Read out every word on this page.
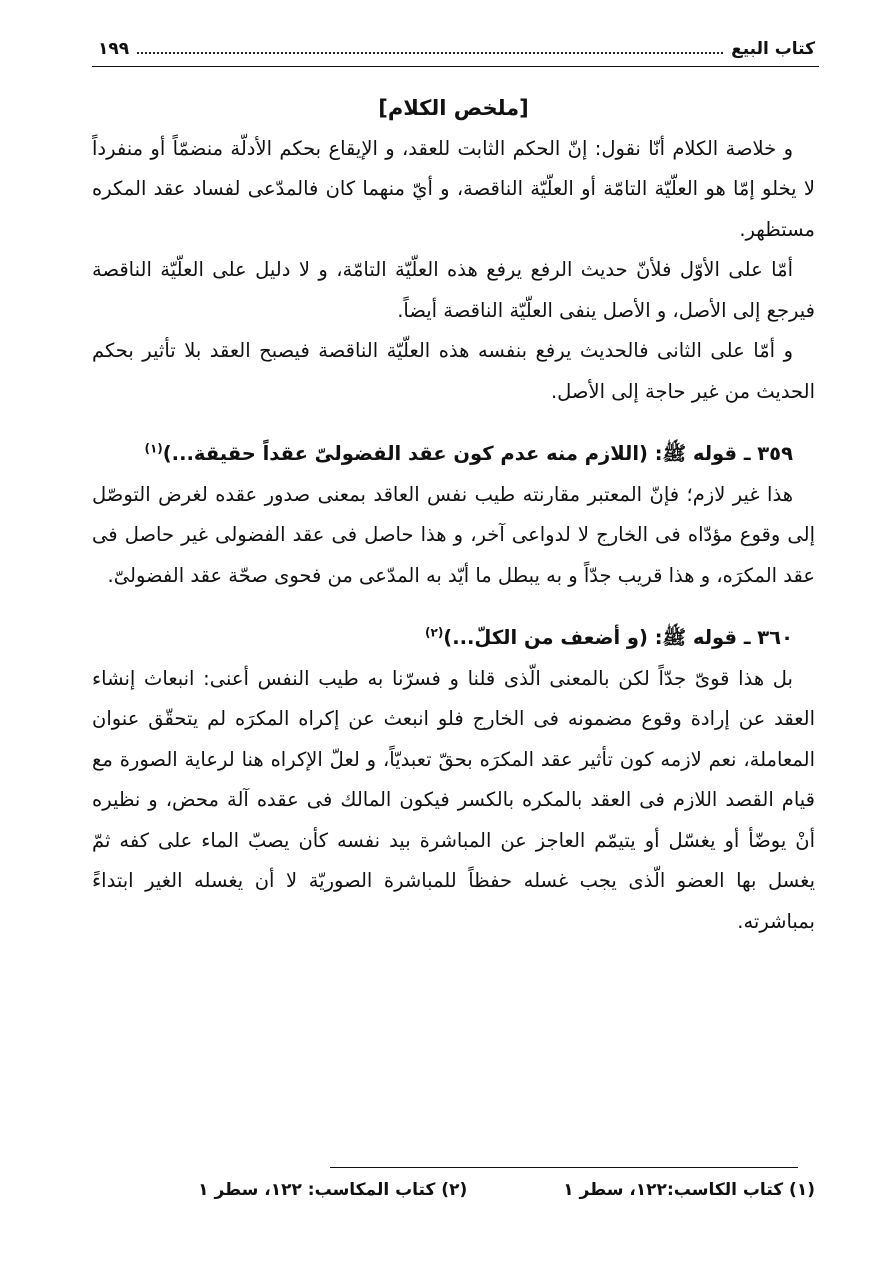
كتاب البيع
١٩٩

[ملخص الكلام]

و خلاصة الكلام أنّا نقول: إنّ الحكم الثابت للعقد، و الإيقاع بحكم الأدلّة منضمّاً أو منفرداً لا يخلو إمّا هو العلّيّة التامّة أو العلّيّة الناقصة، و أيّ منهما كان فالمدّعى لفساد عقد المكره مستظهر.

أمّا على الأوّل فلأنّ حديث الرفع يرفع هذه العلّيّة التامّة، و لا دليل على العلّيّة الناقصة فيرجع إلى الأصل، و الأصل ينفى العلّيّة الناقصة أيضاً.

و أمّا على الثانى فالحديث يرفع بنفسه هذه العلّيّة الناقصة فيصبح العقد بلا تأثير بحكم الحديث من غير حاجة إلى الأصل.

٣٥٩ ـ قوله ﷺ: (اللازم منه عدم كون عقد الفضولىّ عقداً حقيقة...)$^{(١)}$

هذا غير لازم؛ فإنّ المعتبر مقارنته طيب نفس العاقد بمعنى صدور عقده لغرض التوصّل إلى وقوع مؤدّاه فى الخارج لا لدواعى آخر، و هذا حاصل فى عقد الفضولى غير حاصل فى عقد المكرَه، و هذا قريب جدّاً و به يبطل ما أيّد به المدّعى من فحوى صحّة عقد الفضولىّ.

٣٦٠ ـ قوله ﷺ: (و أضعف من الكلّ...)$^{(٢)}$

بل هذا قوىّ جدّاً لكن بالمعنى الّذى قلنا و فسرّنا به طيب النفس أعنى: انبعاث إنشاء العقد عن إرادة وقوع مضمونه فى الخارج فلو انبعث عن إكراه المكرَه لم يتحقّق عنوان المعاملة، نعم لازمه كون تأثير عقد المكرَه بحقّ تعبديّاً، و لعلّ الإكراه هنا لرعاية الصورة مع قيام القصد اللازم فى العقد بالمكره بالكسر فيكون المالك فى عقده آلة محض، و نظيره أنْ يوضّأ أو يغسّل أو يتيمّم العاجز عن المباشرة بيد نفسه كأن يصبّ الماء على كفه ثمّ يغسل بها العضو الّذى يجب غسله حفظاً للمباشرة الصوريّة لا أن يغسله الغير ابتداءً بمباشرته.

(١) كتاب الكاسب:١٢٢، سطر ١
(٢) كتاب المكاسب: ١٢٢، سطر ١
